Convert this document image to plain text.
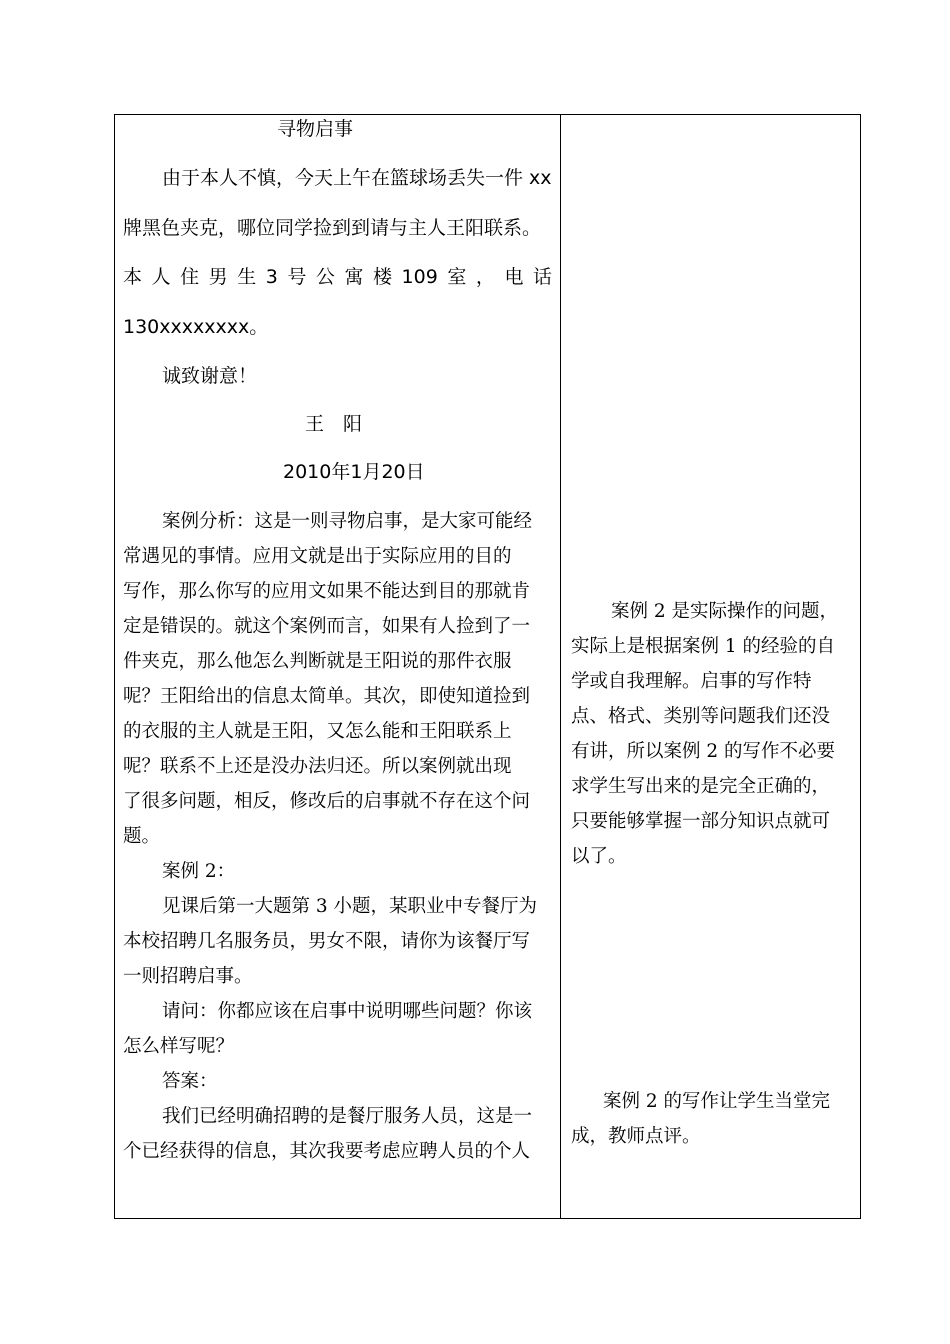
寻物启事
由于本人不慎，今天上午在篮球场丢失一件 xx
牌黑色夹克，哪位同学捡到到请与主人王阳联系。
本 人 住 男 生 3 号 公 寓 楼 109 室 ， 电 话
130xxxxxxxx。
诚致谢意！
王　阳
2010年1月20日
案例分析：这是一则寻物启事，是大家可能经
常遇见的事情。应用文就是出于实际应用的目的
写作，那么你写的应用文如果不能达到目的那就肯
定是错误的。就这个案例而言，如果有人捡到了一
件夹克，那么他怎么判断就是王阳说的那件衣服
呢？王阳给出的信息太简单。其次，即使知道捡到
的衣服的主人就是王阳，又怎么能和王阳联系上
呢？联系不上还是没办法归还。所以案例就出现
了很多问题，相反，修改后的启事就不存在这个问
题。
案例 2：
见课后第一大题第 3 小题，某职业中专餐厅为
本校招聘几名服务员，男女不限，请你为该餐厅写
一则招聘启事。
请问：你都应该在启事中说明哪些问题？你该
怎么样写呢？
答案：
我们已经明确招聘的是餐厅服务人员，这是一
个已经获得的信息，其次我要考虑应聘人员的个人
案例 2 是实际操作的问题，
实际上是根据案例 1 的经验的自
学或自我理解。启事的写作特
点、格式、类别等问题我们还没
有讲，所以案例 2 的写作不必要
求学生写出来的是完全正确的，
只要能够掌握一部分知识点就可
以了。
案例 2 的写作让学生当堂完
成，教师点评。
